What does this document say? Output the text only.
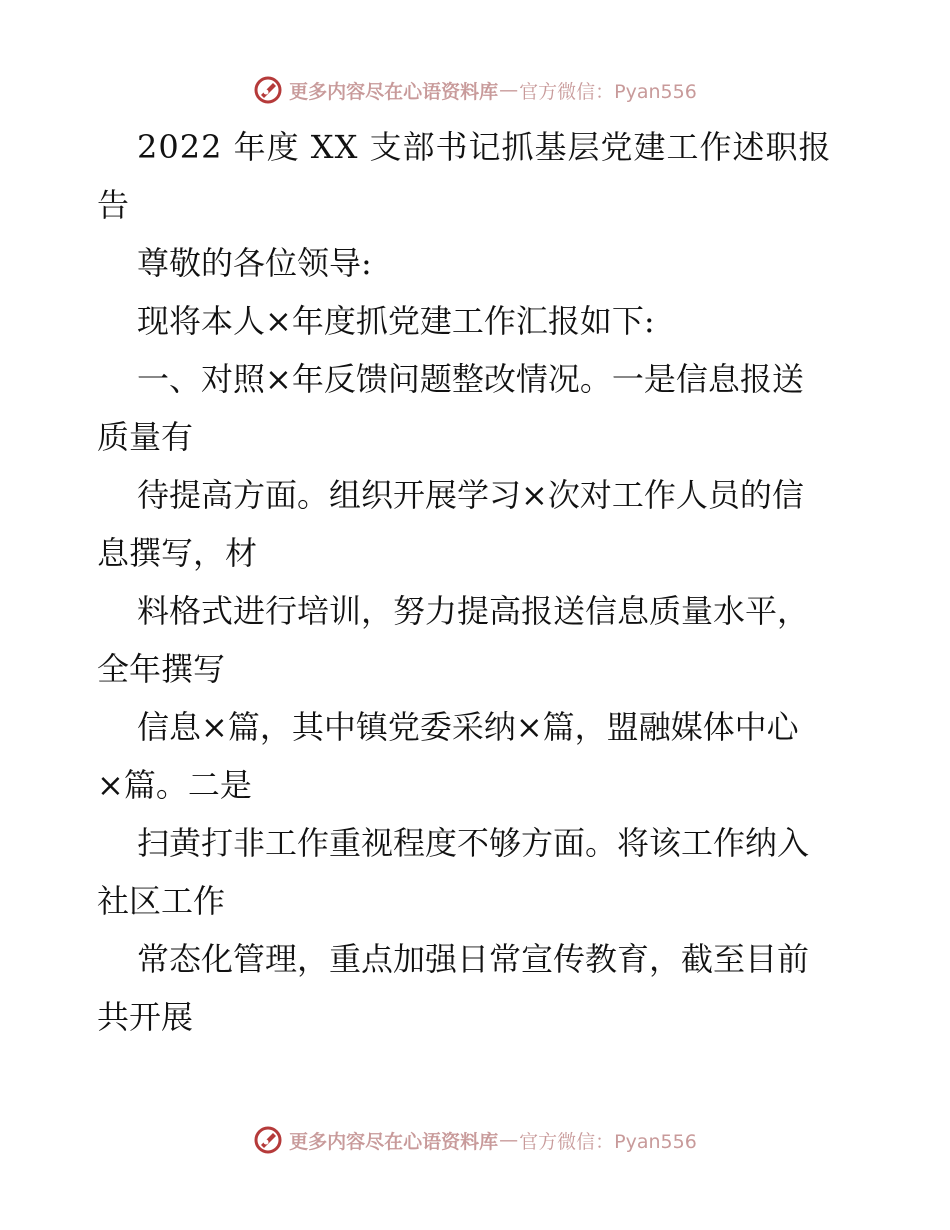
更多内容尽在心语资料库 — 官方微信：Pyan556
2022 年度 XX 支部书记抓基层党建工作述职报
告
尊敬的各位领导:
现将本人×年度抓党建工作汇报如下:
一、对照×年反馈问题整改情况。一是信息报送
质量有
待提高方面。组织开展学习×次对工作人员的信
息撰写，材
料格式进行培训，努力提高报送信息质量水平，
全年撰写
信息×篇，其中镇党委采纳×篇，盟融媒体中心
×篇。二是
扫黄打非工作重视程度不够方面。将该工作纳入
社区工作
常态化管理，重点加强日常宣传教育，截至目前
共开展
更多内容尽在心语资料库 — 官方微信：Pyan556
